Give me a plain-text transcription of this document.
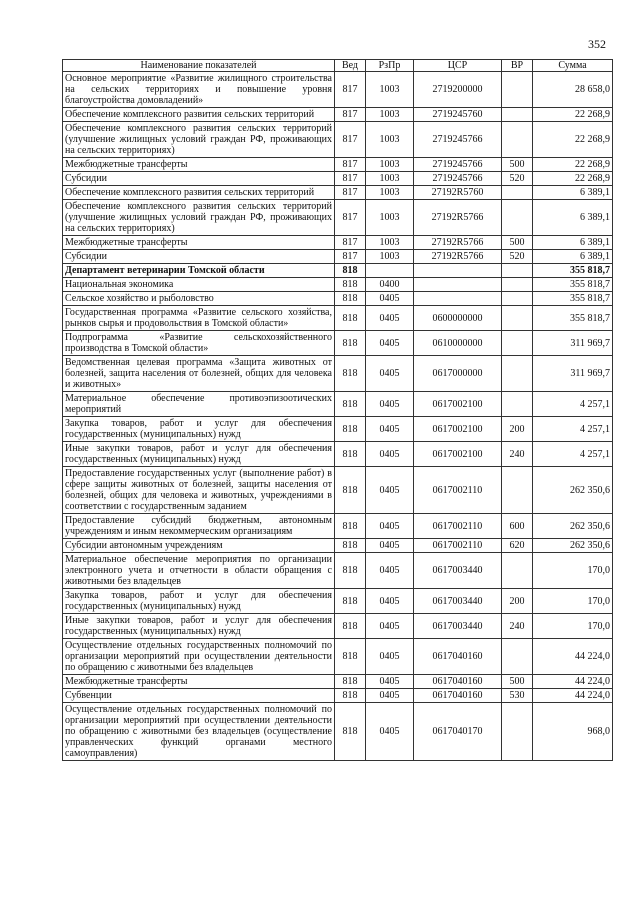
352
Наименование показателей	Вед	РзПр	ЦСР	ВР	Сумма
Основное мероприятие «Развитие жилищного строительства на сельских территориях и повышение уровня благоустройства домовладений»	817	1003	2719200000		28 658,0
Обеспечение комплексного развития сельских территорий	817	1003	2719245760		22 268,9
Обеспечение комплексного развития сельских территорий (улучшение жилищных условий граждан РФ, проживающих на сельских территориях)	817	1003	2719245766		22 268,9
Межбюджетные трансферты	817	1003	2719245766	500	22 268,9
Субсидии	817	1003	2719245766	520	22 268,9
Обеспечение комплексного развития сельских территорий	817	1003	27192R5760		6 389,1
Обеспечение комплексного развития сельских территорий (улучшение жилищных условий граждан РФ, проживающих на сельских территориях)	817	1003	27192R5766		6 389,1
Межбюджетные трансферты	817	1003	27192R5766	500	6 389,1
Субсидии	817	1003	27192R5766	520	6 389,1
Департамент ветеринарии Томской области	818				355 818,7
Национальная экономика	818	0400			355 818,7
Сельское хозяйство и рыболовство	818	0405			355 818,7
Государственная программа «Развитие сельского хозяйства, рынков сырья и продовольствия в Томской области»	818	0405	0600000000		355 818,7
Подпрограмма «Развитие сельскохозяйственного производства в Томской области»	818	0405	0610000000		311 969,7
Ведомственная целевая программа «Защита животных от болезней, защита населения от болезней, общих для человека и животных»	818	0405	0617000000		311 969,7
Материальное обеспечение противоэпизоотических мероприятий	818	0405	0617002100		4 257,1
Закупка товаров, работ и услуг для обеспечения государственных (муниципальных) нужд	818	0405	0617002100	200	4 257,1
Иные закупки товаров, работ и услуг для обеспечения государственных (муниципальных) нужд	818	0405	0617002100	240	4 257,1
Предоставление государственных услуг (выполнение работ) в сфере защиты животных от болезней, защиты населения от болезней, общих для человека и животных, учреждениями в соответствии с государственным заданием	818	0405	0617002110		262 350,6
Предоставление субсидий бюджетным, автономным учреждениям и иным некоммерческим организациям	818	0405	0617002110	600	262 350,6
Субсидии автономным учреждениям	818	0405	0617002110	620	262 350,6
Материальное обеспечение мероприятия по организации электронного учета и отчетности в области обращения с животными без владельцев	818	0405	0617003440		170,0
Закупка товаров, работ и услуг для обеспечения государственных (муниципальных) нужд	818	0405	0617003440	200	170,0
Иные закупки товаров, работ и услуг для обеспечения государственных (муниципальных) нужд	818	0405	0617003440	240	170,0
Осуществление отдельных государственных полномочий по организации мероприятий при осуществлении деятельности по обращению с животными без владельцев	818	0405	0617040160		44 224,0
Межбюджетные трансферты	818	0405	0617040160	500	44 224,0
Субвенции	818	0405	0617040160	530	44 224,0
Осуществление отдельных государственных полномочий по организации мероприятий при осуществлении деятельности по обращению с животными без владельцев (осуществление управленческих функций органами местного самоуправления)	818	0405	0617040170		968,0
